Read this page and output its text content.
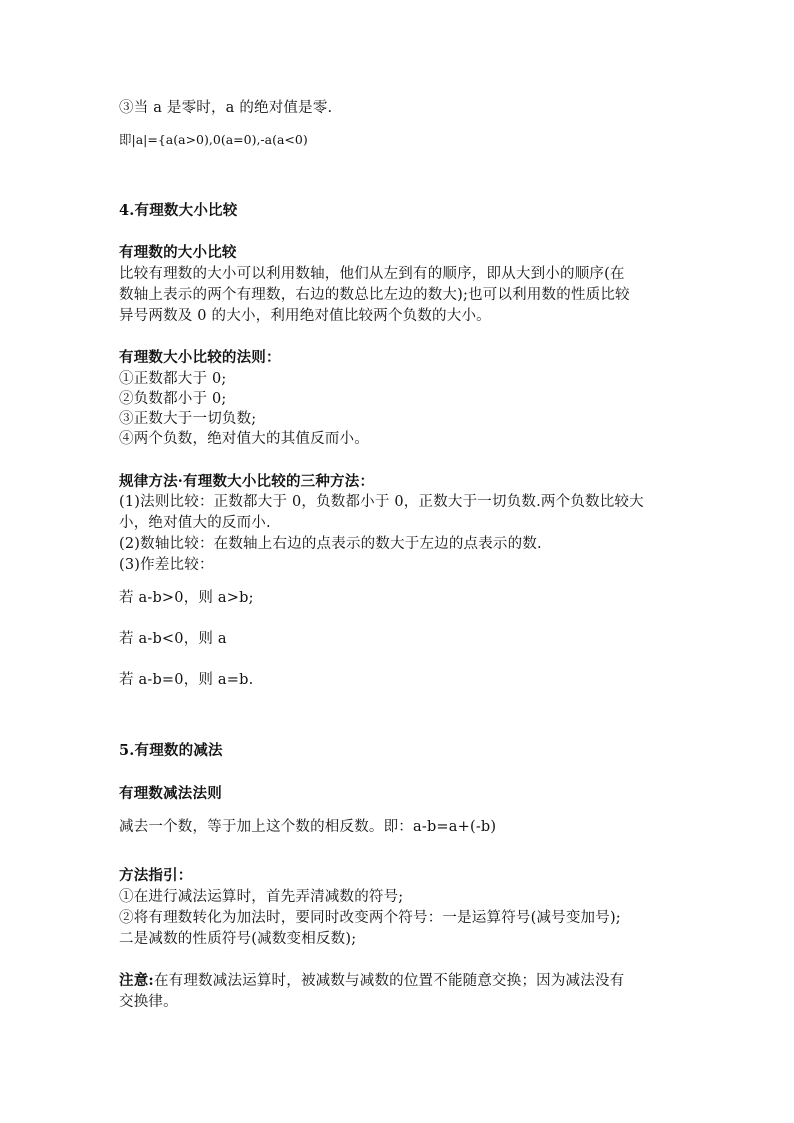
③当 a 是零时，a 的绝对值是零.
即|a|={a(a>0),0(a=0),-a(a<0)
4.有理数大小比较
有理数的大小比较
比较有理数的大小可以利用数轴，他们从左到有的顺序，即从大到小的顺序(在
数轴上表示的两个有理数，右边的数总比左边的数大);也可以利用数的性质比较
异号两数及 0 的大小，利用绝对值比较两个负数的大小。
有理数大小比较的法则：
①正数都大于 0;
②负数都小于 0;
③正数大于一切负数;
④两个负数，绝对值大的其值反而小。
规律方法·有理数大小比较的三种方法：
(1)法则比较：正数都大于 0，负数都小于 0，正数大于一切负数.两个负数比较大
小，绝对值大的反而小.
(2)数轴比较：在数轴上右边的点表示的数大于左边的点表示的数.
(3)作差比较：
若 a-b>0，则 a>b;
若 a-b<0，则 a
若 a-b=0，则 a=b.
5.有理数的减法
有理数减法法则
减去一个数，等于加上这个数的相反数。即：a-b=a+(-b)
方法指引：
①在进行减法运算时，首先弄清减数的符号;
②将有理数转化为加法时，要同时改变两个符号：一是运算符号(减号变加号);
二是减数的性质符号(减数变相反数);
注意:在有理数减法运算时，被减数与减数的位置不能随意交换；因为减法没有
交换律。
